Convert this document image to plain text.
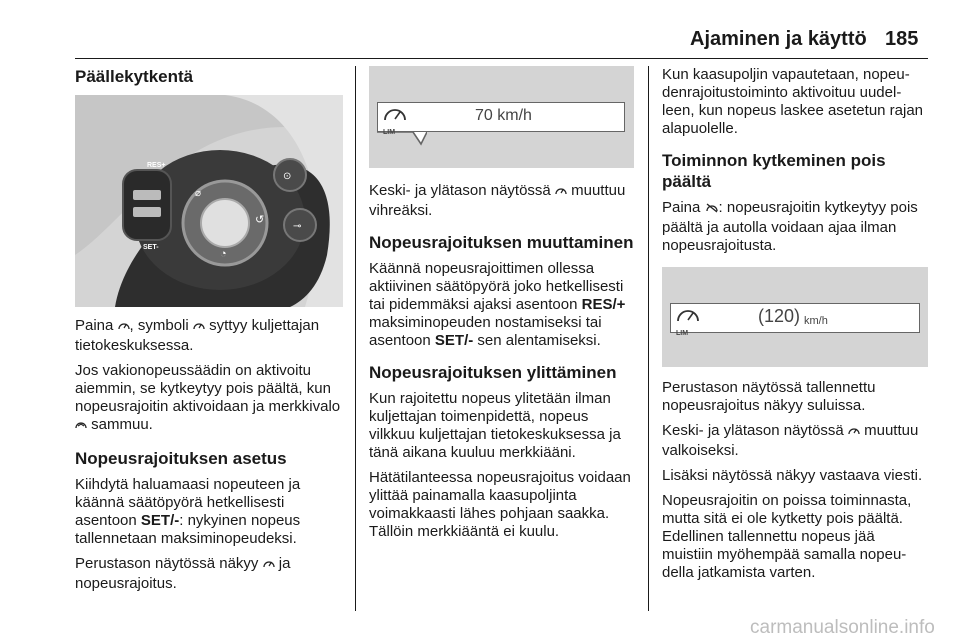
Ajaminen ja käyttö 185
Päällekytkentä
⌀
◔
↺
⊙
⊸
RES+
SET-

Paina , symboli  syttyy kuljettajan tietokeskuksessa.

Jos vakionopeussäädin on aktivoitu aiemmin, se kytkeytyy pois päältä, kun nopeusrajoitin aktivoidaan ja merkkivalo  sammuu.

Nopeusrajoituksen asetus

Kiihdytä haluamaasi nopeuteen ja käännä säätöpyörä hetkellisesti asentoon SET/-: nykyinen nopeus tallennetaan maksiminopeudeksi.

Perustason näytössä näkyy  ja nopeusrajoitus.

LIM
70 km/h

Keski- ja ylätason näytössä  muuttuu vihreäksi.

Nopeusrajoituksen muuttaminen

Käännä nopeusrajoittimen ollessa aktiivinen säätöpyörä joko hetkellisesti tai pidemmäksi ajaksi asentoon RES/+ maksiminopeuden nostamiseksi tai asentoon SET/- sen alentamiseksi.

Nopeusrajoituksen ylittäminen

Kun rajoitettu nopeus ylitetään ilman kuljettajan toimenpidettä, nopeus vilkkuu kuljettajan tietokeskuksessa ja tänä aikana kuuluu merkkiääni.

Hätätilanteessa nopeusrajoitus voidaan ylittää painamalla kaasupoljinta voimakkaasti lähes pohjaan saakka. Tällöin merkkiääntä ei kuulu.

Kun kaasupoljin vapautetaan, nopeudenrajoitustoiminto aktivoituu uudelleen, kun nopeus laskee asetetun rajan alapuolelle.

Toiminnon kytkeminen pois päältä

Paina : nopeusrajoitin kytkeytyy pois päältä ja autolla voidaan ajaa ilman nopeusrajoitusta.

LIM
(120) km/h

Perustason näytössä tallennettu nopeusrajoitus näkyy suluissa.

Keski- ja ylätason näytössä  muuttuu valkoiseksi.

Lisäksi näytössä näkyy vastaava viesti.

Nopeusrajoitin on poissa toiminnasta, mutta sitä ei ole kytketty pois päältä. Edellinen tallennettu nopeus jää muistiin myöhempää samalla nopeudella jatkamista varten.

carmanualsonline.info
